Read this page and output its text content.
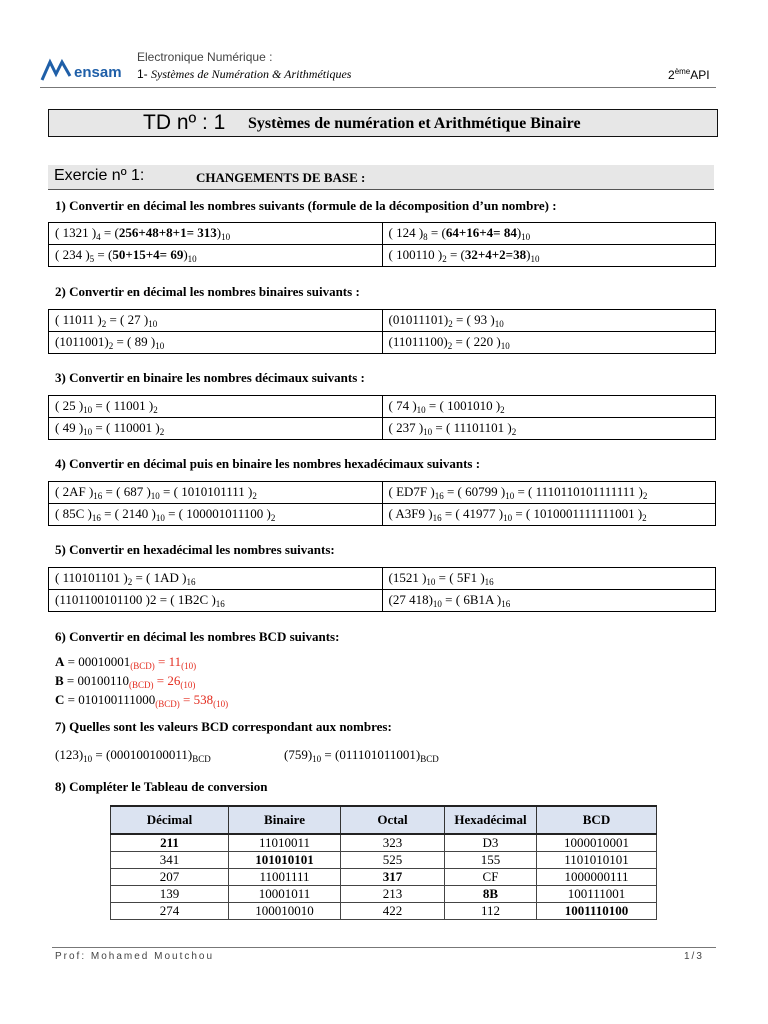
ensam
Electronique Numérique :
1- Systèmes de Numération & Arithmétiques	2èmeAPI
TD nº : 1 Systèmes de numération et Arithmétique Binaire
Exercie nº 1:	CHANGEMENTS DE BASE :
1) Convertir en décimal les nombres suivants (formule de la décomposition d’un nombre) :
( 1321 )$_4 = (256+48+8+1= 313)_{10}$	( 124 )$_8 = (64+16+4= 84)_{10}$
( 234 )$_5 = (50+15+4= 69)_{10}$	( 100110 )$_2 = (32+4+2=38)_{10}$
2) Convertir en décimal les nombres binaires suivants :
( 11011 )$_2$ = ( 27 )$_{10}$	$(01011101)_2$ = ( 93 )$_{10}$
$(1011001)_2$ = ( 89 )$_{10}$	$(11011100)_2$ = ( 220 )$_{10}$
3) Convertir en binaire les nombres décimaux suivants :
( 25 )$_{10}$ = ( 11001 )$_2$	( 74 )$_{10}$ = ( 1001010 )$_2$
( 49 )$_{10}$ = ( 110001 )$_2$	( 237 )$_{10}$ = ( 11101101 )$_2$
4) Convertir en décimal puis en binaire les nombres hexadécimaux suivants :
( 2AF )$_{16}$ = ( 687 )$_{10}$ = ( 1010101111 )$_2$	( ED7F )$_{16}$ = ( 60799 )$_{10}$ = ( 1110110101111111 )$_2$
( 85C )$_{16}$ = ( 2140 )$_{10}$ = ( 100001011100 )$_2$	( A3F9 )$_{16}$ = ( 41977 )$_{10}$ = ( 1010001111111001 )$_2$
5) Convertir en hexadécimal les nombres suivants:
( 110101101 )$_2$ = ( 1AD )$_{16}$	(1521 )$_{10}$ = ( 5F1 )$_{16}$
(1101100101100 )2 = ( 1B2C )$_{16}$	(27 $418)_{10}$ = ( 6B1A )$_{16}$
6) Convertir en décimal les nombres BCD suivants:
$A = 00010001_{(BCD)} = 11_{(10)}$
$B = 00100110_{(BCD)} = 26_{(10)}$
$C = 010100111000_{(BCD)} = 538_{(10)}$
7) Quelles sont les valeurs BCD correspondant aux nombres:
$(123)_{10} = (000100100011)_{BCD}$	$(759)_{10} = (011101011001)_{BCD}$
8) Compléter le Tableau de conversion
Décimal	Binaire	Octal	Hexadécimal	BCD
211	11010011	323	D3	1000010001
341	101010101	525	155	1101010101
207	11001111	317	CF	1000000111
139	10001011	213	8B	100111001
274	100010010	422	112	1001110100
Prof: Mohamed Moutchou	1/3
